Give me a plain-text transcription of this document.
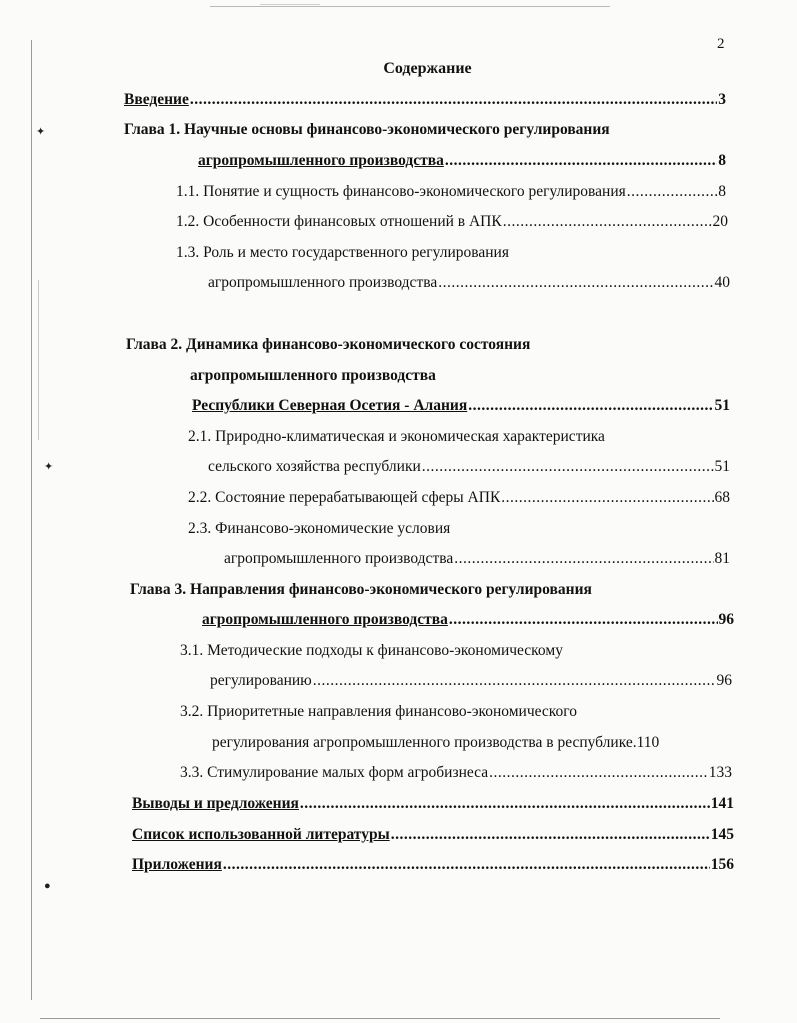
✦
✦
●
2
Содержание
Введение .....	3
Глава 1. Научные основы финансово-экономического регулирования
агропромышленного производства .....	8
1.1. Понятие и сущность финансово-экономического регулирования .....	8
1.2. Особенности финансовых отношений в АПК .....	20
1.3. Роль и место государственного регулирования
агропромышленного производства .....	40
Глава 2. Динамика финансово-экономического состояния
агропромышленного производства
Республики Северная Осетия - Алания .....	51
2.1. Природно-климатическая и экономическая характеристика
сельского хозяйства республики .....	51
2.2. Состояние перерабатывающей сферы АПК .....	68
2.3. Финансово-экономические условия
агропромышленного производства .....	81
Глава 3. Направления финансово-экономического регулирования
агропромышленного производства .....	96
3.1. Методические подходы к финансово-экономическому
регулированию .....	96
3.2. Приоритетные направления финансово-экономического
регулирования агропромышленного производства в республике. 110
3.3. Стимулирование малых форм агробизнеса .....	133
Выводы и предложения .....	141
Список использованной литературы .....	145
Приложения .....	156
